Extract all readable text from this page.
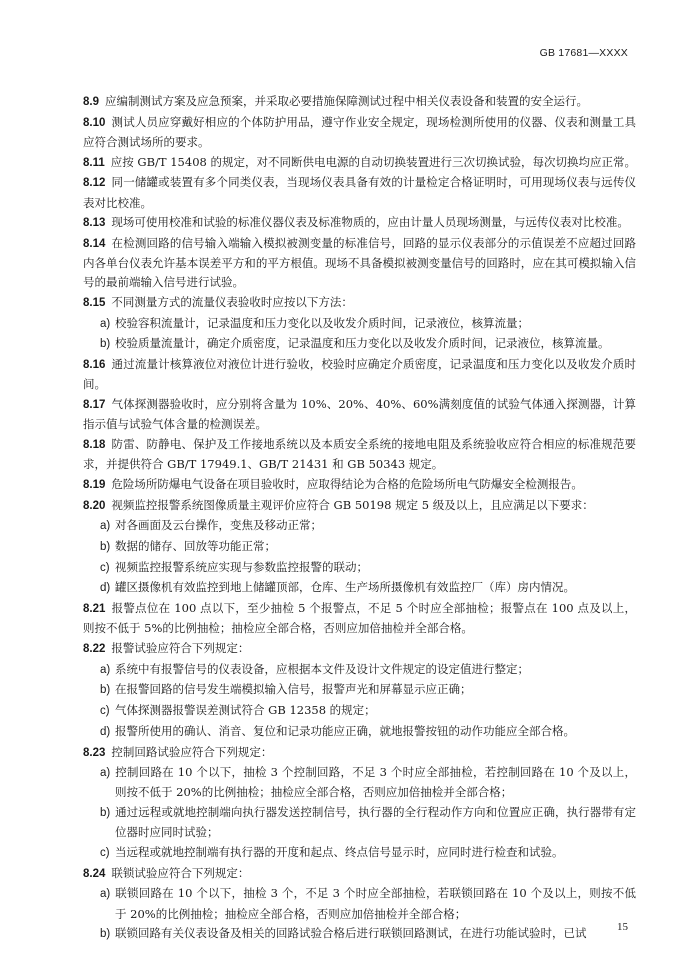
GB 17681—XXXX
8.9 应编制测试方案及应急预案，并采取必要措施保障测试过程中相关仪表设备和装置的安全运行。
8.10 测试人员应穿戴好相应的个体防护用品，遵守作业安全规定，现场检测所使用的仪器、仪表和测量工具应符合测试场所的要求。
8.11 应按 GB/T 15408 的规定，对不同断供电电源的自动切换装置进行三次切换试验，每次切换均应正常。
8.12 同一储罐或装置有多个同类仪表，当现场仪表具备有效的计量检定合格证明时，可用现场仪表与远传仪表对比校准。
8.13 现场可使用校准和试验的标准仪器仪表及标准物质的，应由计量人员现场测量，与远传仪表对比校准。
8.14 在检测回路的信号输入端输入模拟被测变量的标准信号，回路的显示仪表部分的示值误差不应超过回路内各单台仪表允许基本误差平方和的平方根值。现场不具备模拟被测变量信号的回路时，应在其可模拟输入信号的最前端输入信号进行试验。
8.15 不同测量方式的流量仪表验收时应按以下方法：
a) 校验容积流量计，记录温度和压力变化以及收发介质时间，记录液位，核算流量；
b) 校验质量流量计，确定介质密度，记录温度和压力变化以及收发介质时间，记录液位，核算流量。
8.16 通过流量计核算液位对液位计进行验收，校验时应确定介质密度，记录温度和压力变化以及收发介质时间。
8.17 气体探测器验收时，应分别将含量为 10%、20%、40%、60%满刻度值的试验气体通入探测器，计算指示值与试验气体含量的检测误差。
8.18 防雷、防静电、保护及工作接地系统以及本质安全系统的接地电阻及系统验收应符合相应的标准规范要求，并提供符合 GB/T 17949.1、GB/T 21431 和 GB 50343 规定。
8.19 危险场所防爆电气设备在项目验收时，应取得结论为合格的危险场所电气防爆安全检测报告。
8.20 视频监控报警系统图像质量主观评价应符合 GB 50198 规定 5 级及以上，且应满足以下要求：
a) 对各画面及云台操作，变焦及移动正常；
b) 数据的储存、回放等功能正常；
c) 视频监控报警系统应实现与参数监控报警的联动；
d) 罐区摄像机有效监控到地上储罐顶部，仓库、生产场所摄像机有效监控厂（库）房内情况。
8.21 报警点位在 100 点以下，至少抽检 5 个报警点，不足 5 个时应全部抽检；报警点在 100 点及以上，则按不低于 5%的比例抽检；抽检应全部合格，否则应加倍抽检并全部合格。
8.22 报警试验应符合下列规定：
a) 系统中有报警信号的仪表设备，应根据本文件及设计文件规定的设定值进行整定；
b) 在报警回路的信号发生端模拟输入信号，报警声光和屏幕显示应正确；
c) 气体探测器报警误差测试符合 GB 12358 的规定；
d) 报警所使用的确认、消音、复位和记录功能应正确，就地报警按钮的动作功能应全部合格。
8.23 控制回路试验应符合下列规定：
a) 控制回路在 10 个以下，抽检 3 个控制回路，不足 3 个时应全部抽检，若控制回路在 10 个及以上，则按不低于 20%的比例抽检；抽检应全部合格，否则应加倍抽检并全部合格；
b) 通过远程或就地控制端向执行器发送控制信号，执行器的全行程动作方向和位置应正确，执行器带有定位器时应同时试验；
c) 当远程或就地控制端有执行器的开度和起点、终点信号显示时，应同时进行检查和试验。
8.24 联锁试验应符合下列规定：
a) 联锁回路在 10 个以下，抽检 3 个，不足 3 个时应全部抽检，若联锁回路在 10 个及以上，则按不低于 20%的比例抽检；抽检应全部合格，否则应加倍抽检并全部合格；
b) 联锁回路有关仪表设备及相关的回路试验合格后进行联锁回路测试，在进行功能试验时，已试	15
